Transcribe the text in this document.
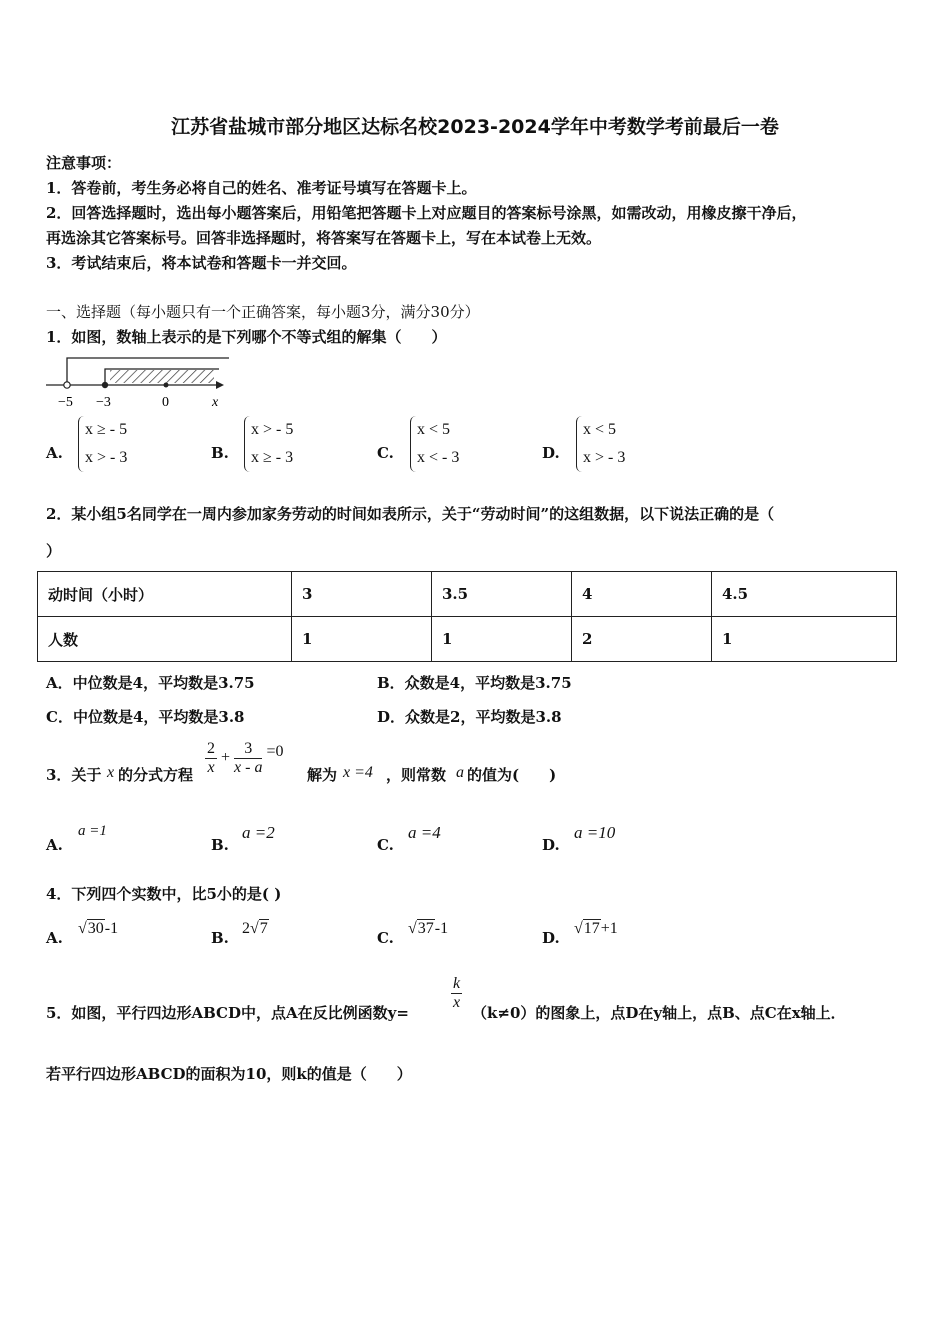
江苏省盐城市部分地区达标名校2023-2024学年中考数学考前最后一卷
注意事项：
1．答卷前，考生务必将自己的姓名、准考证号填写在答题卡上。
2．回答选择题时，选出每小题答案后，用铅笔把答题卡上对应题目的答案标号涂黑，如需改动，用橡皮擦干净后，
再选涂其它答案标号。回答非选择题时，将答案写在答题卡上，写在本试卷上无效。
3．考试结束后，将本试卷和答题卡一并交回。
一、选择题（每小题只有一个正确答案，每小题3分，满分30分）
1．如图，数轴上表示的是下列哪个不等式组的解集（　　）
−5 −3	0	x
A.
x ≥ - 5
x > - 3	B.
x > - 5
x ≥ - 3	C.
x < 5
x < - 3	D.
x < 5
x > - 3
2．某小组5名同学在一周内参加家务劳动的时间如表所示，关于“劳动时间”的这组数据，以下说法正确的是（
）
动时间（小时）	3	3.5	4	4.5
人数	1	1	2	1
A．中位数是4，平均数是3.75	B．众数是4，平均数是3.75
C．中位数是4，平均数是3.8	D．众数是2，平均数是3.8
3．关于 x 的分式方程 $\frac{2}{x} + \frac{3}{x - a} =0$
解为 x =4 ，则常数 a 的值为(　　)
A.
a =1
B.
a =2
C.
a =4
D.
a =10
4．下列四个实数中，比5小的是( )
A.
√30-1
B.
2√7
C.
√37-1
D.
√17+1
5．如图，平行四边形ABCD中，点A在反比例函数y=
$\frac{k}{x}$
（k≠0）的图象上，点D在y轴上，点B、点C在x轴上．
若平行四边形ABCD的面积为10，则k的值是（　　）
